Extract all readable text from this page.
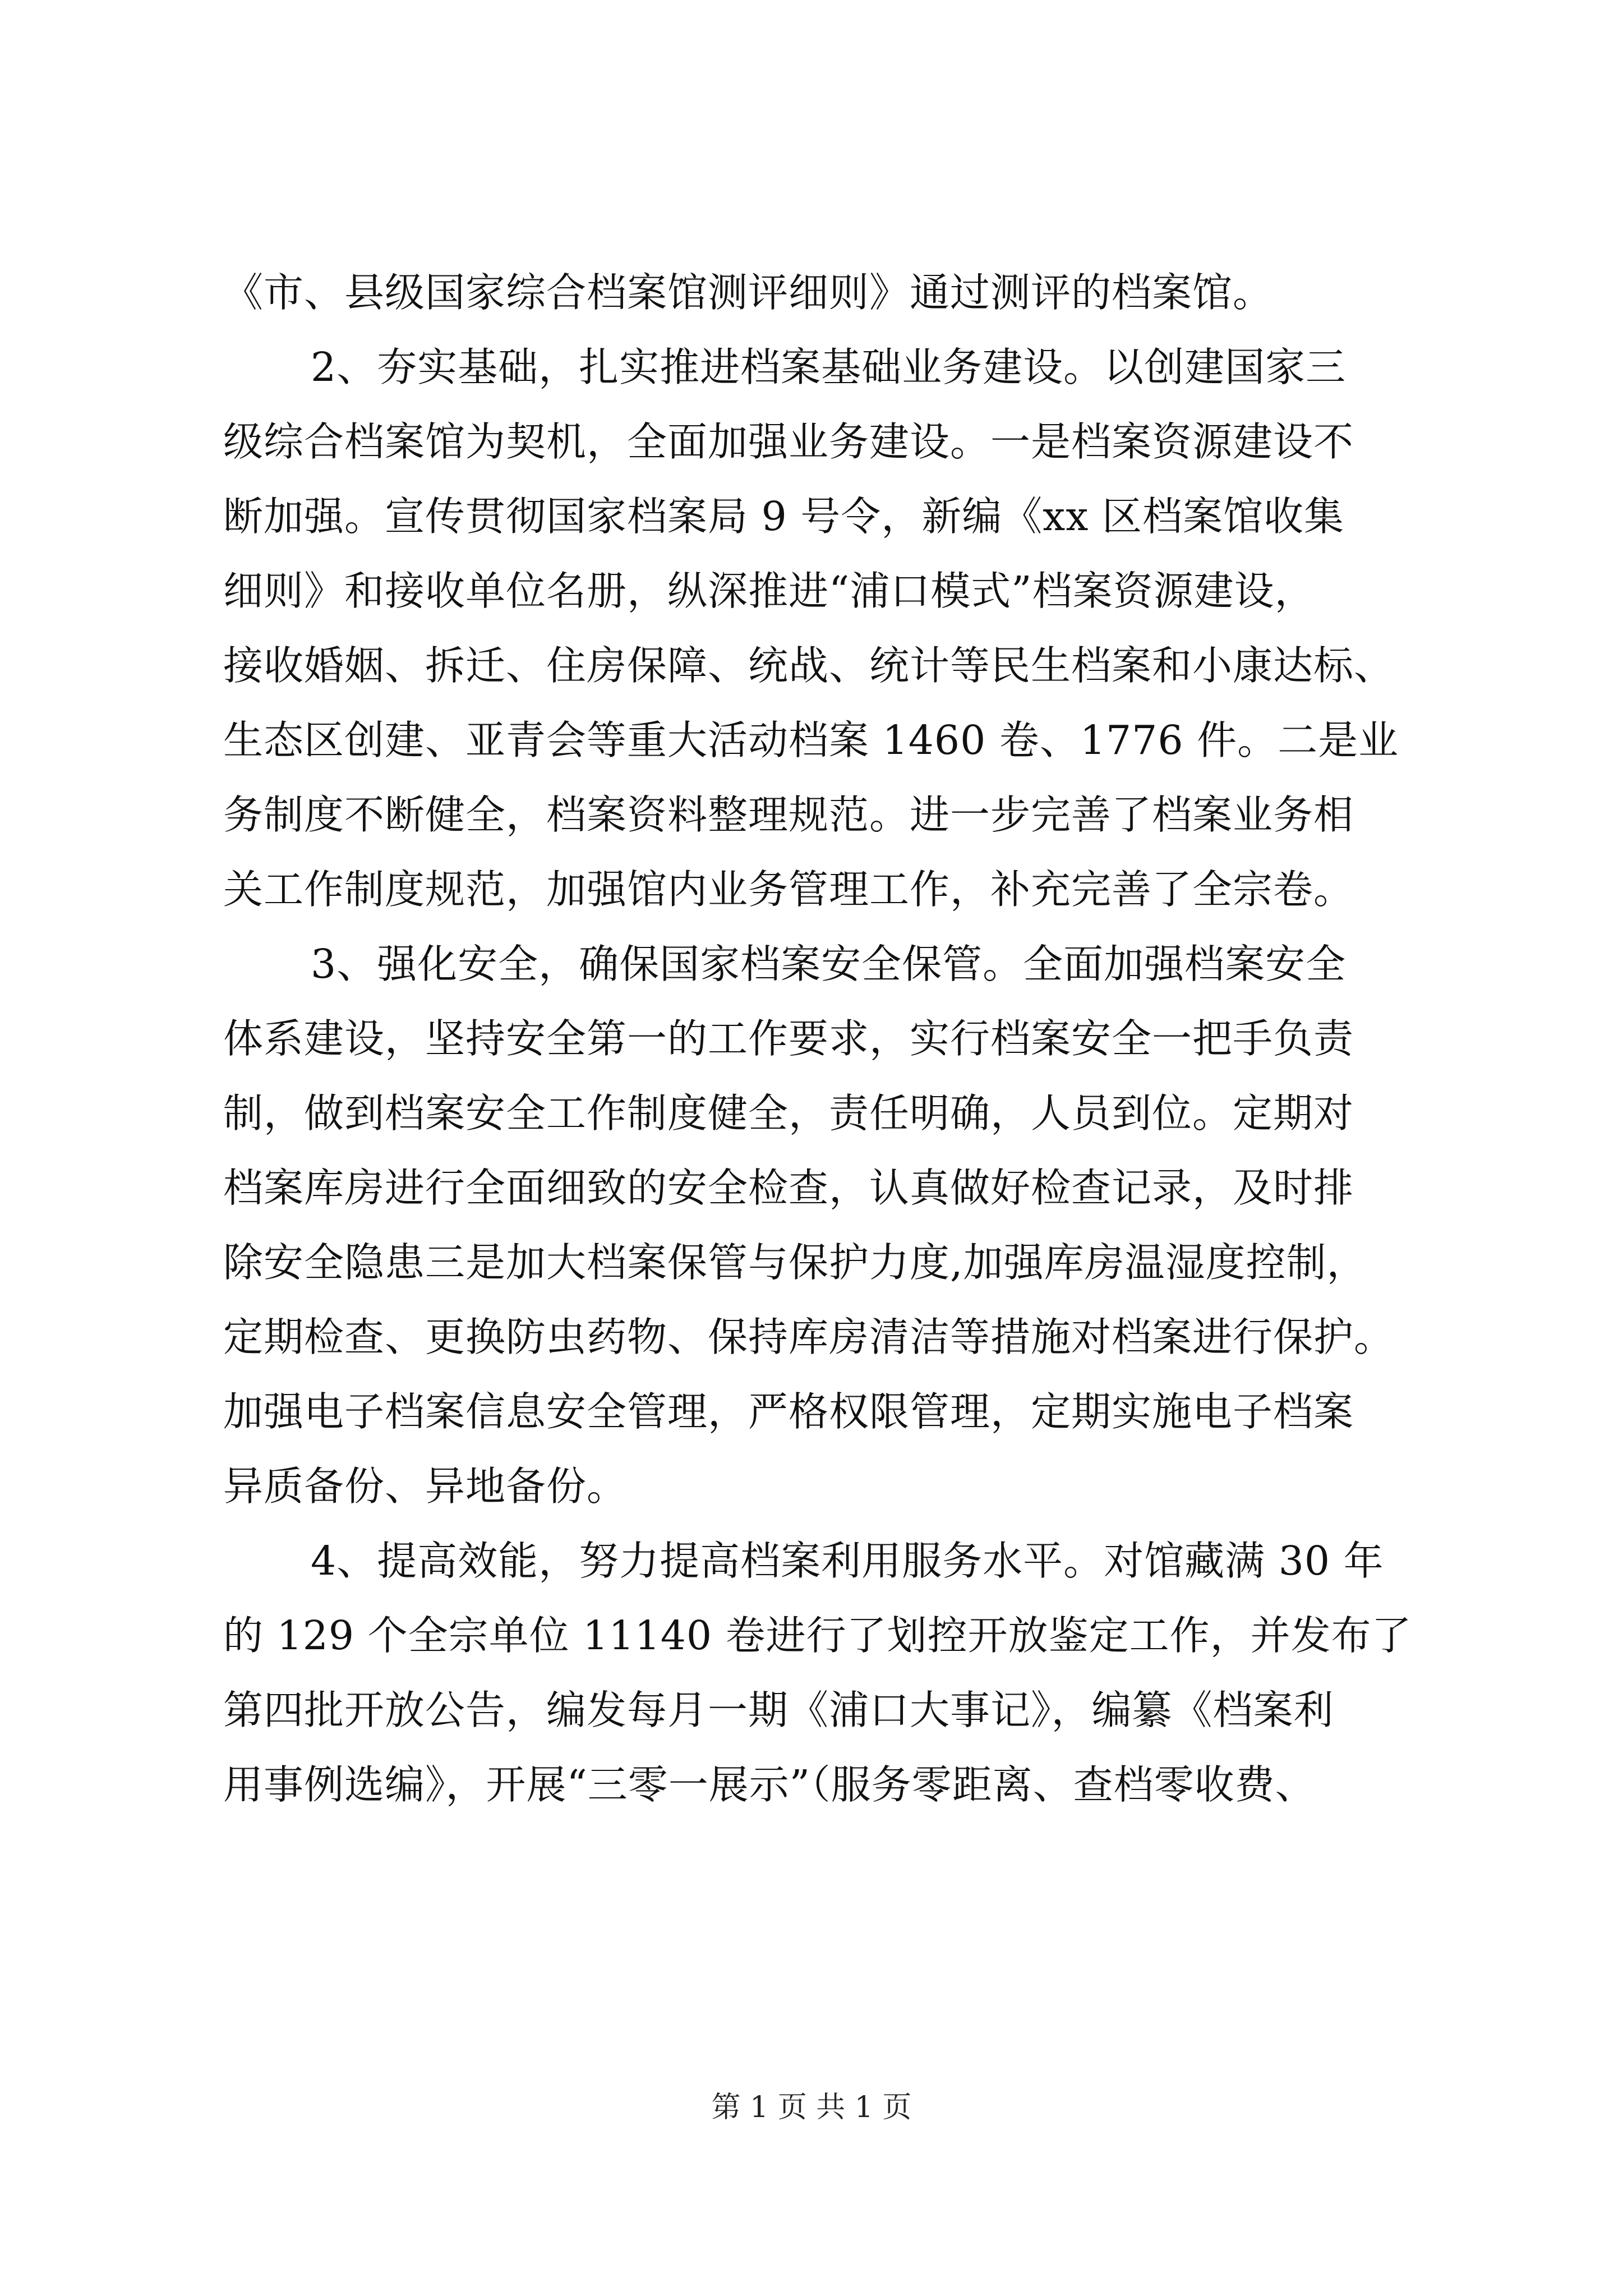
《市、县级国家综合档案馆测评细则》通过测评的档案馆。
2、夯实基础，扎实推进档案基础业务建设。以创建国家三
级综合档案馆为契机，全面加强业务建设。一是档案资源建设不
断加强。宣传贯彻国家档案局 9 号令，新编《xx 区档案馆收集
细则》和接收单位名册，纵深推进“浦口模式”档案资源建设，
接收婚姻、拆迁、住房保障、统战、统计等民生档案和小康达标、
生态区创建、亚青会等重大活动档案 1460 卷、1776 件。二是业
务制度不断健全，档案资料整理规范。进一步完善了档案业务相
关工作制度规范，加强馆内业务管理工作，补充完善了全宗卷。
3、强化安全，确保国家档案安全保管。全面加强档案安全
体系建设，坚持安全第一的工作要求，实行档案安全一把手负责
制，做到档案安全工作制度健全，责任明确，人员到位。定期对
档案库房进行全面细致的安全检查，认真做好检查记录，及时排
除安全隐患三是加大档案保管与保护力度,加强库房温湿度控制，
定期检查、更换防虫药物、保持库房清洁等措施对档案进行保护。
加强电子档案信息安全管理，严格权限管理，定期实施电子档案
异质备份、异地备份。
4、提高效能，努力提高档案利用服务水平。对馆藏满 30 年
的 129 个全宗单位 11140 卷进行了划控开放鉴定工作，并发布了
第四批开放公告，编发每月一期《浦口大事记》，编纂《档案利
用事例选编》，开展“三零一展示”（服务零距离、查档零收费、
第 1 页 共 1 页
